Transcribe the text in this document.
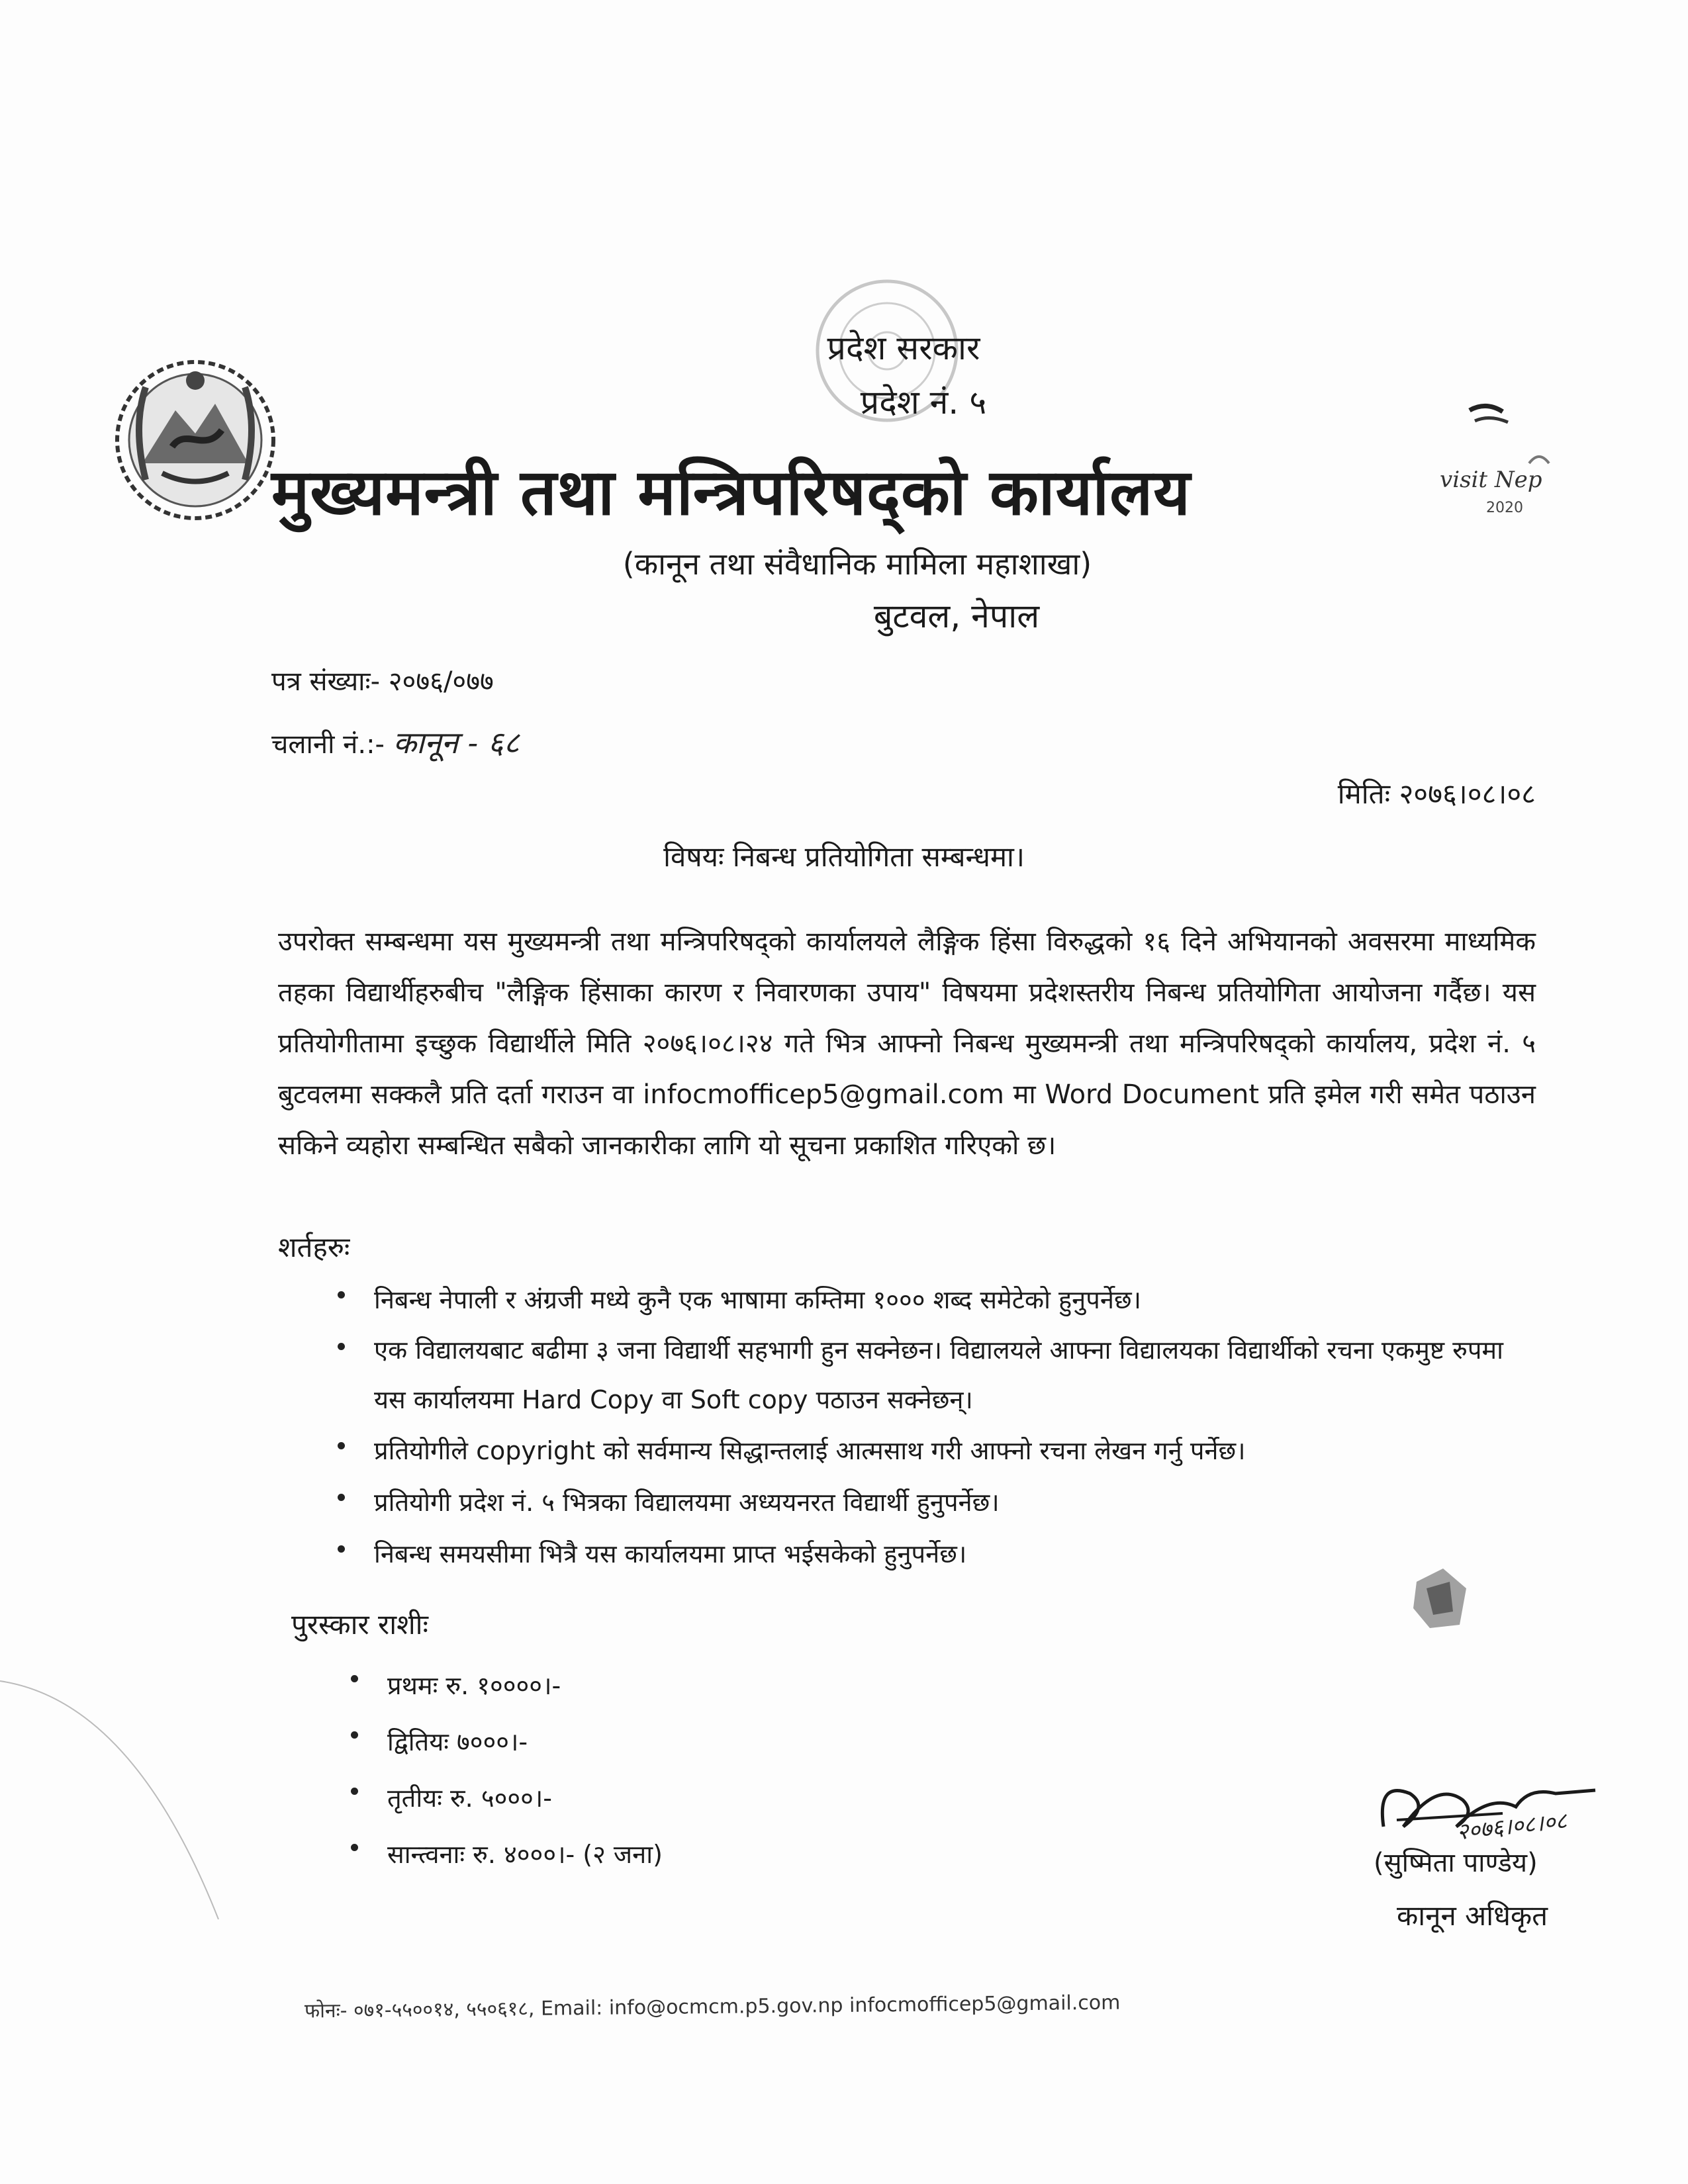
visit Nep
2020
प्रदेश सरकार
प्रदेश नं. ५
मुख्यमन्त्री तथा मन्त्रिपरिषद्को कार्यालय
(कानून तथा संवैधानिक मामिला महाशाखा)
बुटवल, नेपाल
पत्र संख्याः- २०७६/०७७
चलानी नं.:- कानून - ६८
मितिः २०७६।०८।०८
विषयः निबन्ध प्रतियोगिता सम्बन्धमा।
उपरोक्त सम्बन्धमा यस मुख्यमन्त्री तथा मन्त्रिपरिषद्को कार्यालयले लैङ्गिक हिंसा विरुद्धको १६ दिने अभियानको अवसरमा माध्यमिक तहका विद्यार्थीहरुबीच "लैङ्गिक हिंसाका कारण र निवारणका उपाय" विषयमा प्रदेशस्तरीय निबन्ध प्रतियोगिता आयोजना गर्दैछ। यस प्रतियोगीतामा इच्छुक विद्यार्थीले मिति २०७६।०८।२४ गते भित्र आफ्नो निबन्ध मुख्यमन्त्री तथा मन्त्रिपरिषद्को कार्यालय, प्रदेश नं. ५ बुटवलमा सक्कलै प्रति दर्ता गराउन वा infocmofficep5@gmail.com मा Word Document प्रति इमेल गरी समेत पठाउन सकिने व्यहोरा सम्बन्धित सबैको जानकारीका लागि यो सूचना प्रकाशित गरिएको छ।
शर्तहरुः
निबन्ध नेपाली र अंग्रजी मध्ये कुनै एक भाषामा कम्तिमा १००० शब्द समेटेको हुनुपर्नेछ।
एक विद्यालयबाट बढीमा ३ जना विद्यार्थी सहभागी हुन सक्नेछन। विद्यालयले आफ्ना विद्यालयका विद्यार्थीको रचना एकमुष्ट रुपमा यस कार्यालयमा Hard Copy वा Soft copy पठाउन सक्नेछन्।
प्रतियोगीले copyright को सर्वमान्य सिद्धान्तलाई आत्मसाथ गरी आफ्नो रचना लेखन गर्नु पर्नेछ।
प्रतियोगी प्रदेश नं. ५ भित्रका विद्यालयमा अध्ययनरत विद्यार्थी हुनुपर्नेछ।
निबन्ध समयसीमा भित्रै यस कार्यालयमा प्राप्त भईसकेको हुनुपर्नेछ।
पुरस्कार राशीः
प्रथमः रु. १००००।-
द्वितियः ७०००।-
तृतीयः रु. ५०००।-
सान्त्वनाः रु. ४०००।- (२ जना)
२०७६।०८।०८
(सुष्मिता पाण्डेय)
कानून अधिकृत
फोनः- ०७१-५५००१४, ५५०६१८, Email: info@ocmcm.p5.gov.np infocmofficep5@gmail.com
